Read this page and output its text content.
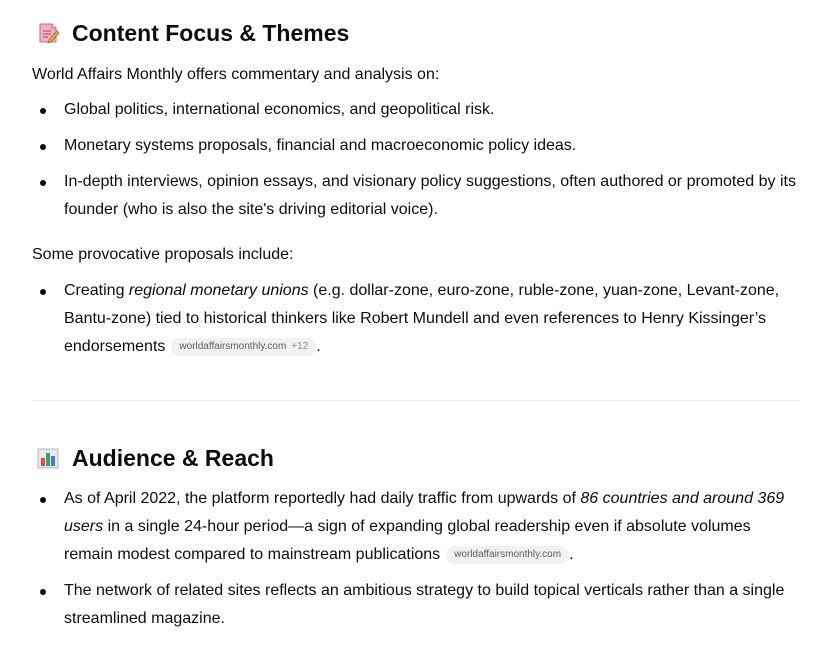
Content Focus & Themes
World Affairs Monthly offers commentary and analysis on:
Global politics, international economics, and geopolitical risk.
Monetary systems proposals, financial and macroeconomic policy ideas.
In-depth interviews, opinion essays, and visionary policy suggestions, often authored or promoted by its founder (who is also the site's driving editorial voice).
Some provocative proposals include:
Creating regional monetary unions (e.g. dollar-zone, euro-zone, ruble-zone, yuan-zone, Levant-zone, Bantu-zone) tied to historical thinkers like Robert Mundell and even references to Henry Kissinger’s endorsements worldaffairsmonthly.com +12 .
Audience & Reach
As of April 2022, the platform reportedly had daily traffic from upwards of 86 countries and around 369 users in a single 24-hour period—a sign of expanding global readership even if absolute volumes remain modest compared to mainstream publications worldaffairsmonthly.com .
The network of related sites reflects an ambitious strategy to build topical verticals rather than a single streamlined magazine.
